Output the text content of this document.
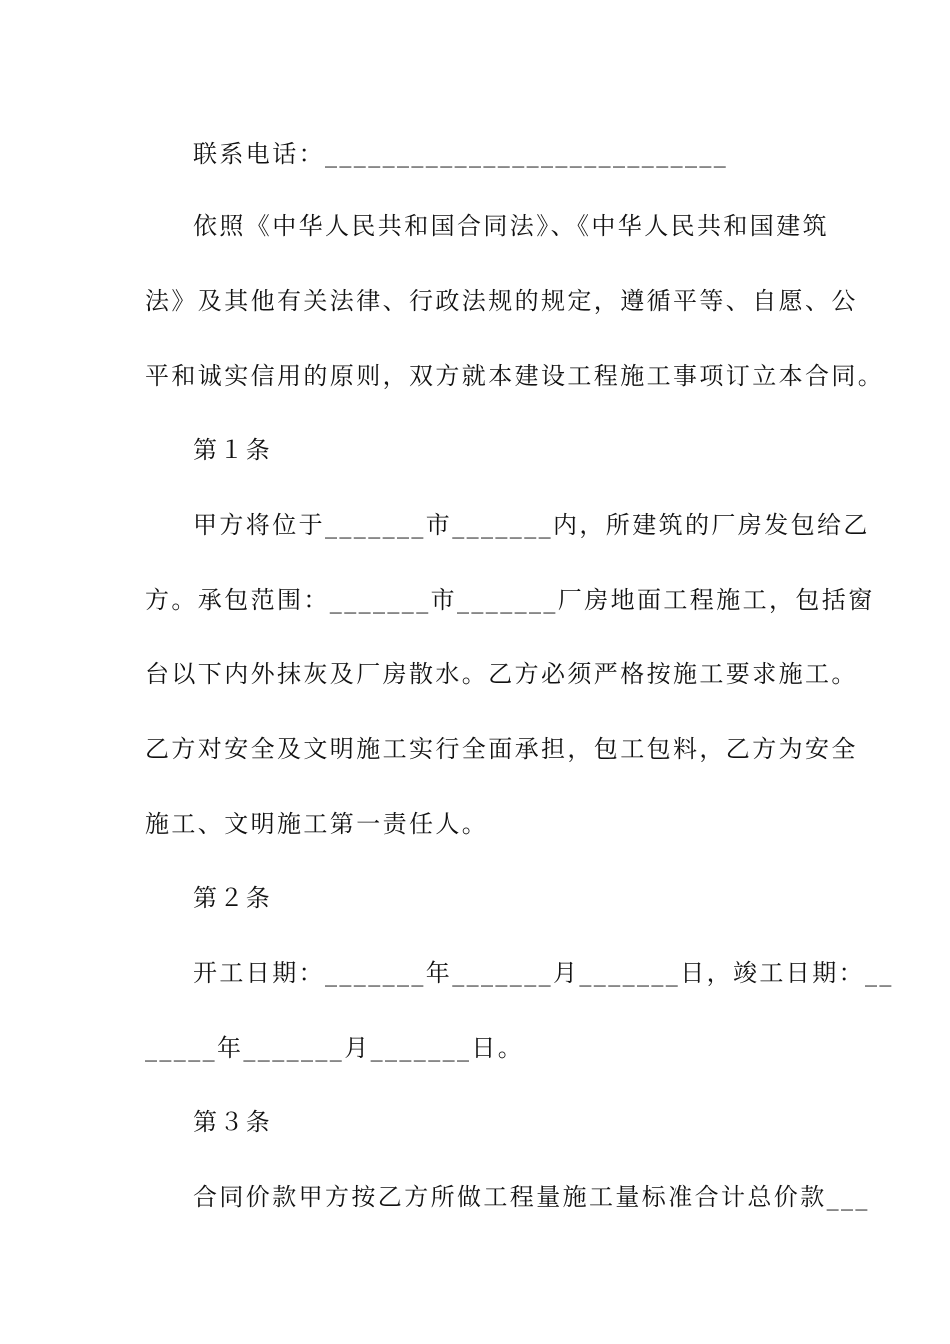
联系电话：____________________________
依照《中华人民共和国合同法》、《中华人民共和国建筑
法》及其他有关法律、行政法规的规定，遵循平等、自愿、公
平和诚实信用的原则，双方就本建设工程施工事项订立本合同。
第１条
甲方将位于_______市_______内，所建筑的厂房发包给乙
方。承包范围：_______市_______厂房地面工程施工，包括窗
台以下内外抹灰及厂房散水。乙方必须严格按施工要求施工。
乙方对安全及文明施工实行全面承担，包工包料，乙方为安全
施工、文明施工第一责任人。
第２条
开工日期：_______年_______月_______日，竣工日期：__
_____年_______月_______日。
第３条
合同价款甲方按乙方所做工程量施工量标准合计总价款___
